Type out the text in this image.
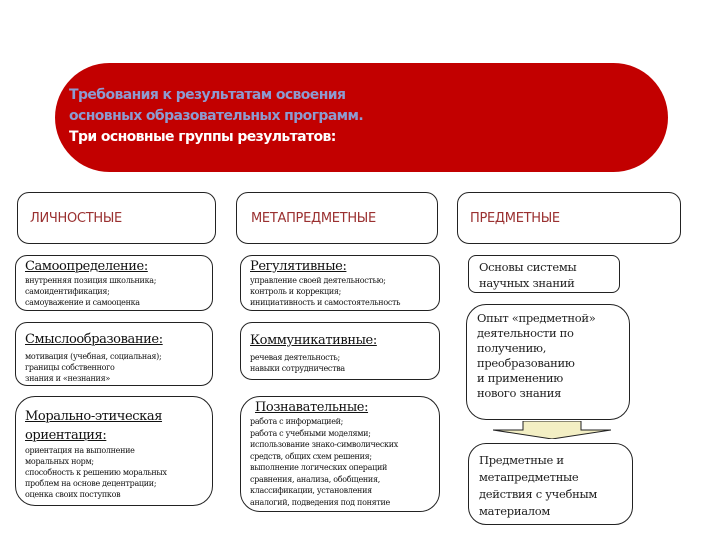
Требования к результатам освоения
основных образовательных программ.
Три основные группы результатов:
ЛИЧНОСТНЫЕ	МЕТАПРЕДМЕТНЫЕ	ПРЕДМЕТНЫЕ
Самоопределение:
внутренняя позиция школьника;
самоидентификация;
самоуважение и самооценка
Смыслообразование:
мотивация (учебная, социальная);
границы собственного
знания и «незнания»
Морально-этическая ориентация:
ориентация на выполнение
моральных норм;
способность к решению моральных
проблем на основе децентрации;
оценка своих поступков
Регулятивные:
управление своей деятельностью;
контроль и коррекция;
инициативность и самостоятельность
Коммуникативные:
речевая деятельность;
навыки сотрудничества
Познавательные:
работа с информацией;
работа с учебными моделями;
использование знако-символических
средств, общих схем решения;
выполнение логических операций
сравнения, анализа, обобщения,
классификации, установления
аналогий, подведения под понятие
Основы системы
научных знаний
Опыт «предметной»
деятельности по
получению,
преобразованию
и применению
нового знания
Предметные и
метапредметные
действия с учебным
материалом
